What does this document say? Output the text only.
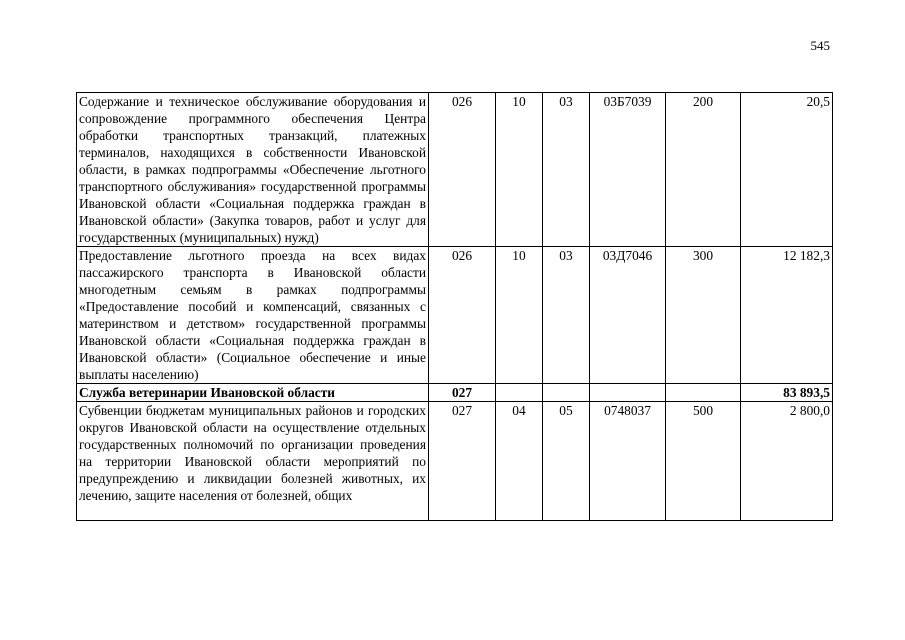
545
Содержание и техническое обслуживание оборудования и сопровождение программного обеспечения Центра обработки транспортных транзакций, платежных терминалов, находящихся в собственности Ивановской области, в рамках подпрограммы «Обеспечение льготного транспортного обслуживания» государственной программы Ивановской области «Социальная поддержка граждан в Ивановской области» (Закупка товаров, работ и услуг для государственных (муниципальных) нужд)	026	10	03	03Б7039	200	20,5
Предоставление льготного проезда на всех видах пассажирского транспорта в Ивановской области многодетным семьям в рамках подпрограммы «Предоставление пособий и компенсаций, связанных с материнством и детством» государственной программы Ивановской области «Социальная поддержка граждан в Ивановской области» (Социальное обеспечение и иные выплаты населению)	026	10	03	03Д7046	300	12 182,3
Служба ветеринарии Ивановской области	027					83 893,5
Субвенции бюджетам муниципальных районов и городских округов Ивановской области на осуществление отдельных государственных полномочий по организации проведения на территории Ивановской области мероприятий по предупреждению и ликвидации болезней животных, их лечению, защите населения от болезней, общих	027	04	05	0748037	500	2 800,0
